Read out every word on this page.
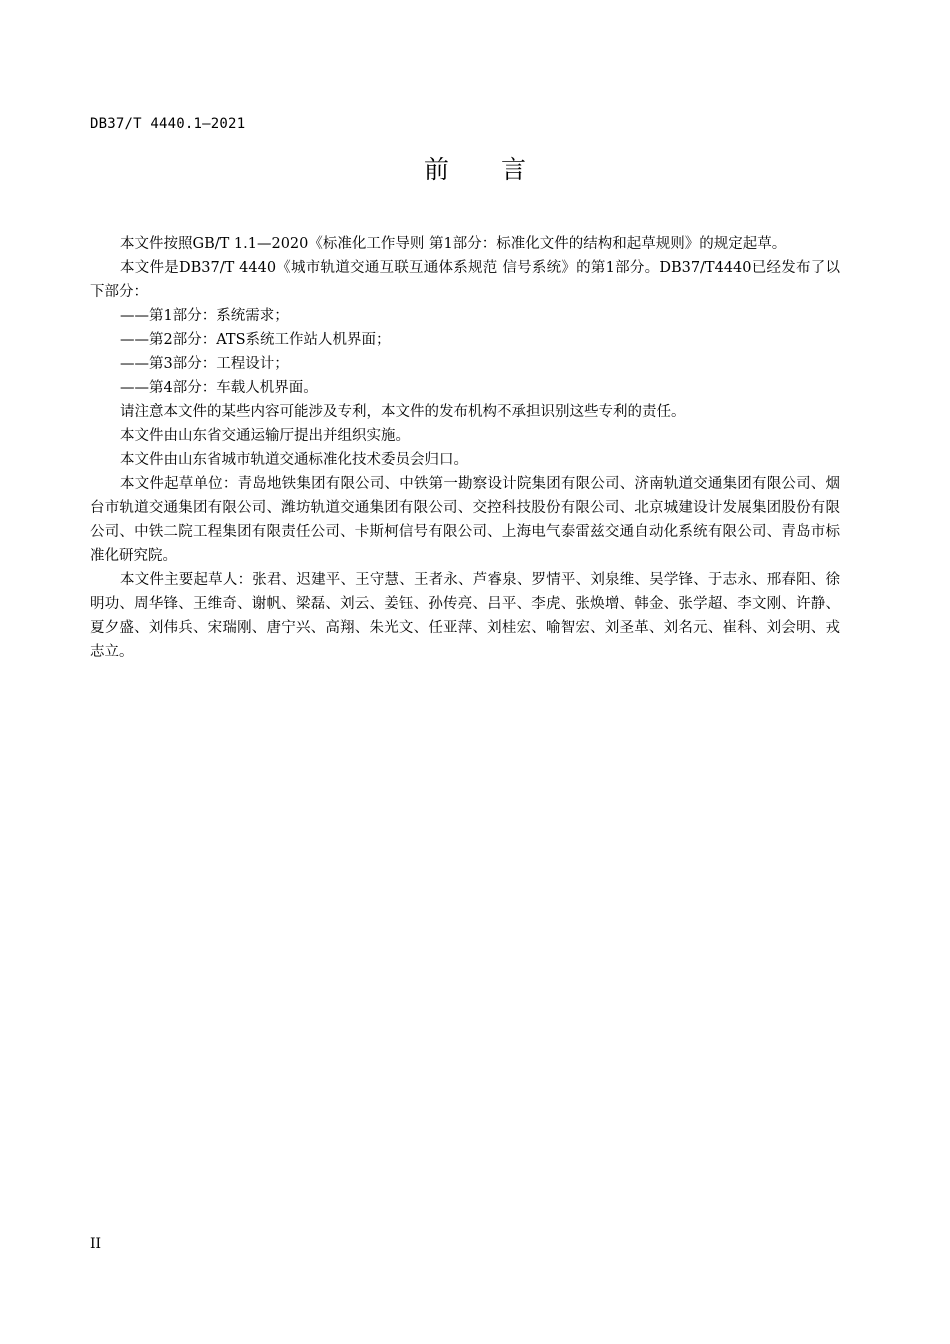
DB37/T 4440.1—2021
前 言

本文件按照GB/T 1.1—2020《标准化工作导则 第1部分：标准化文件的结构和起草规则》的规定起草。

本文件是DB37/T 4440《城市轨道交通互联互通体系规范 信号系统》的第1部分。DB37/T4440已经发布了以下部分：

——第1部分：系统需求；

——第2部分：ATS系统工作站人机界面；

——第3部分：工程设计；

——第4部分：车载人机界面。

请注意本文件的某些内容可能涉及专利，本文件的发布机构不承担识别这些专利的责任。

本文件由山东省交通运输厅提出并组织实施。

本文件由山东省城市轨道交通标准化技术委员会归口。

本文件起草单位：青岛地铁集团有限公司、中铁第一勘察设计院集团有限公司、济南轨道交通集团有限公司、烟台市轨道交通集团有限公司、潍坊轨道交通集团有限公司、交控科技股份有限公司、北京城建设计发展集团股份有限公司、中铁二院工程集团有限责任公司、卡斯柯信号有限公司、上海电气泰雷兹交通自动化系统有限公司、青岛市标准化研究院。

本文件主要起草人：张君、迟建平、王守慧、王者永、芦睿泉、罗情平、刘泉维、吴学锋、于志永、邢春阳、徐明功、周华锋、王维奇、谢帆、梁磊、刘云、姜钰、孙传亮、吕平、李虎、张焕增、韩金、张学超、李文刚、许静、夏夕盛、刘伟兵、宋瑞刚、唐宁兴、高翔、朱光文、任亚萍、刘桂宏、喻智宏、刘圣革、刘名元、崔科、刘会明、戎志立。

II
